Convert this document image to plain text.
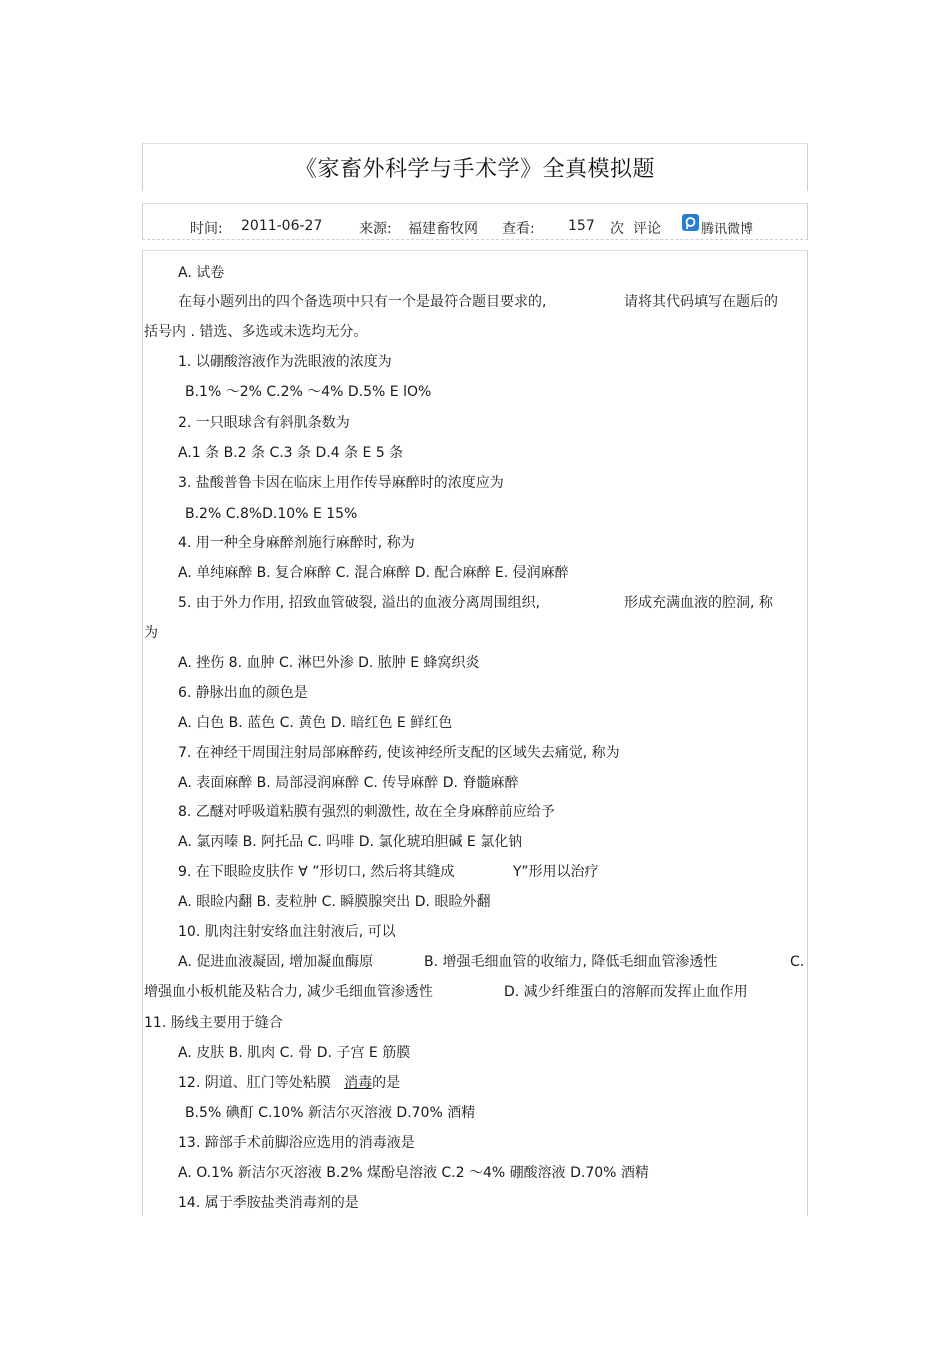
《家畜外科学与手术学》全真模拟题
时间: 2011-06-27	来源: 福建畜牧网 查看: 157 次 评论	腾讯微博
A. 试卷
在每小题列出的四个备选项中只有一个是最符合题目要求的,	请将其代码填写在题后的
括号内 . 错选、多选或未选均无分。
1. 以硼酸溶液作为洗眼液的浓度为
B.1% ～2% C.2% ～4% D.5% E lO%
2. 一只眼球含有斜肌条数为
A.1 条 B.2 条 C.3 条 D.4 条 E 5 条
3. 盐酸普鲁卡因在临床上用作传导麻醉时的浓度应为
B.2% C.8%D.10% E 15%
4. 用一种全身麻醉剂施行麻醉时, 称为
A. 单纯麻醉 B. 复合麻醉 C. 混合麻醉 D. 配合麻醉 E. 侵润麻醉
5. 由于外力作用, 招致血管破裂, 溢出的血液分离周围组织,	形成充满血液的腔洞, 称
为
A. 挫伤 8. 血肿 C. 淋巴外渗 D. 脓肿 E 蜂窝织炎
6. 静脉出血的颜色是
A. 白色 B. 蓝色 C. 黄色 D. 暗红色 E 鲜红色
7. 在神经干周围注射局部麻醉药, 使该神经所支配的区域失去痛觉, 称为
A. 表面麻醉 B. 局部浸润麻醉 C. 传导麻醉 D. 脊髓麻醉
8. 乙醚对呼吸道粘膜有强烈的刺激性, 故在全身麻醉前应给予
A. 氯丙嗪 B. 阿托品 C. 吗啡 D. 氯化琥珀胆碱 E 氯化钠
9. 在下眼睑皮肤作 ∀ ”形切口, 然后将其缝成	Y”形用以治疗
A. 眼睑内翻 B. 麦粒肿 C. 瞬膜腺突出 D. 眼睑外翻
10. 肌肉注射安络血注射液后, 可以
A. 促进血液凝固, 增加凝血酶原	B. 增强毛细血管的收缩力, 降低毛细血管渗透性	C.
增强血小板机能及粘合力, 减少毛细血管渗透性	D. 减少纤维蛋白的溶解而发挥止血作用
11. 肠线主要用于缝合
A. 皮肤 B. 肌肉 C. 骨 D. 子宫 E 筋膜
12. 阴道、肛门等处粘膜 消毒的是
B.5% 碘酊 C.10% 新洁尔灭溶液 D.70% 酒精
13. 蹄部手术前脚浴应选用的消毒液是
A. O.1% 新洁尔灭溶液 B.2% 煤酚皂溶液 C.2 ～4% 硼酸溶液 D.70% 酒精
14. 属于季胺盐类消毒剂的是
